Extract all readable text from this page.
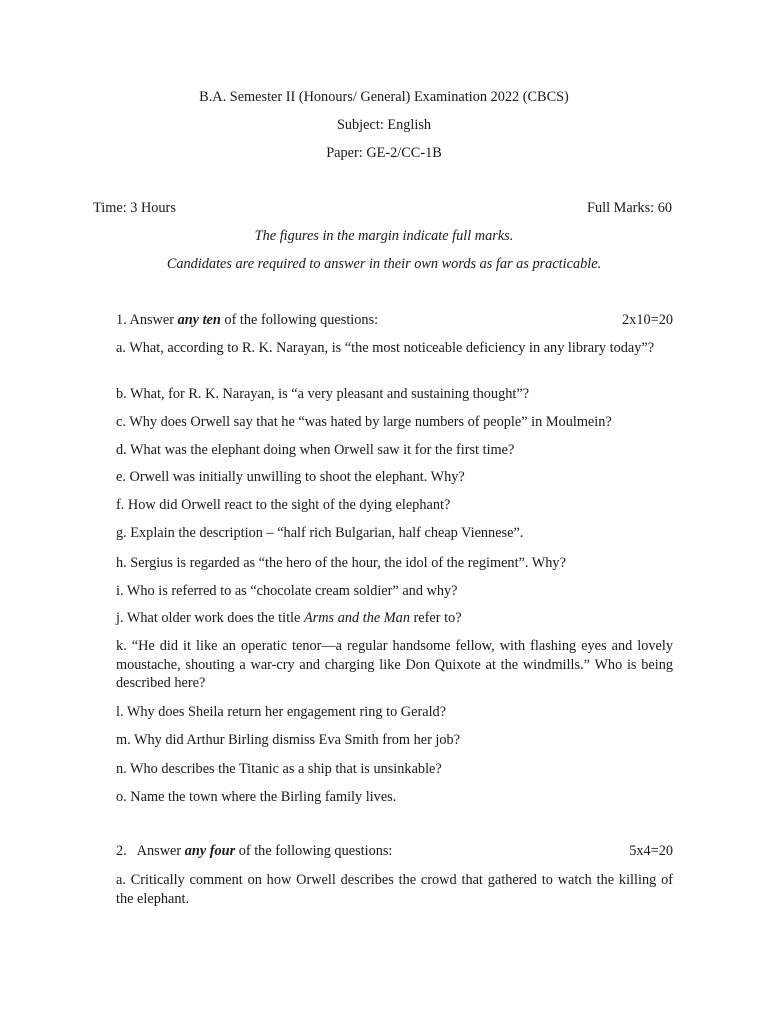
B.A. Semester II (Honours/ General) Examination 2022 (CBCS)
Subject: English
Paper: GE-2/CC-1B
Time: 3 Hours	Full Marks: 60
The figures in the margin indicate full marks.
Candidates are required to answer in their own words as far as practicable.
1. Answer any ten of the following questions:	2x10=20
a. What, according to R. K. Narayan, is “the most noticeable deficiency in any library today”?
b. What, for R. K. Narayan, is “a very pleasant and sustaining thought”?
c. Why does Orwell say that he “was hated by large numbers of people” in Moulmein?
d. What was the elephant doing when Orwell saw it for the first time?
e. Orwell was initially unwilling to shoot the elephant. Why?
f. How did Orwell react to the sight of the dying elephant?
g. Explain the description – “half rich Bulgarian, half cheap Viennese”.
h. Sergius is regarded as “the hero of the hour, the idol of the regiment”. Why?
i. Who is referred to as “chocolate cream soldier” and why?
j. What older work does the title Arms and the Man refer to?
k. “He did it like an operatic tenor—a regular handsome fellow, with flashing eyes and lovely moustache, shouting a war-cry and charging like Don Quixote at the windmills.” Who is being described here?
l. Why does Sheila return her engagement ring to Gerald?
m. Why did Arthur Birling dismiss Eva Smith from her job?
n. Who describes the Titanic as a ship that is unsinkable?
o. Name the town where the Birling family lives.
2.   Answer any four of the following questions:	5x4=20
a. Critically comment on how Orwell describes the crowd that gathered to watch the killing of the elephant.
